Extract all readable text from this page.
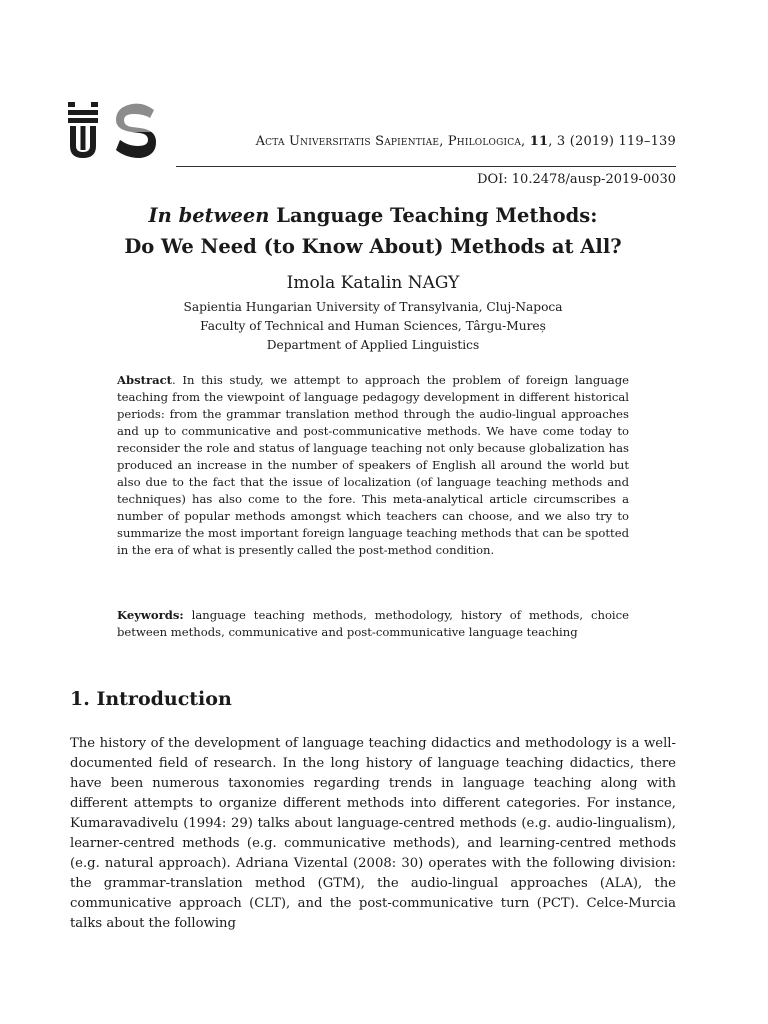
Acta Universitatis Sapientiae, Philologica, 11, 3 (2019) 119–139
DOI: 10.2478/ausp-2019-0030
In between Language Teaching Methods:
Do We Need (to Know About) Methods at All?
Imola Katalin NAGY
Sapientia Hungarian University of Transylvania, Cluj-Napoca
Faculty of Technical and Human Sciences, Târgu-Mureș
Department of Applied Linguistics
Abstract. In this study, we attempt to approach the problem of foreign language teaching from the viewpoint of language pedagogy development in different historical periods: from the grammar translation method through the audio-lingual approaches and up to communicative and post-communicative methods. We have come today to reconsider the role and status of language teaching not only because globalization has produced an increase in the number of speakers of English all around the world but also due to the fact that the issue of localization (of language teaching methods and techniques) has also come to the fore. This meta-analytical article circumscribes a number of popular methods amongst which teachers can choose, and we also try to summarize the most important foreign language teaching methods that can be spotted in the era of what is presently called the post-method condition.
Keywords: language teaching methods, methodology, history of methods, choice between methods, communicative and post-communicative language teaching
1. Introduction
The history of the development of language teaching didactics and methodology is a well-documented field of research. In the long history of language teaching didactics, there have been numerous taxonomies regarding trends in language teaching along with different attempts to organize different methods into different categories. For instance, Kumaravadivelu (1994: 29) talks about language-centred methods (e.g. audio-lingualism), learner-centred methods (e.g. communicative methods), and learning-centred methods (e.g. natural approach). Adriana Vizental (2008: 30) operates with the following division: the grammar-translation method (GTM), the audio-lingual approaches (ALA), the communicative approach (CLT), and the post-communicative turn (PCT). Celce-Murcia talks about the following
